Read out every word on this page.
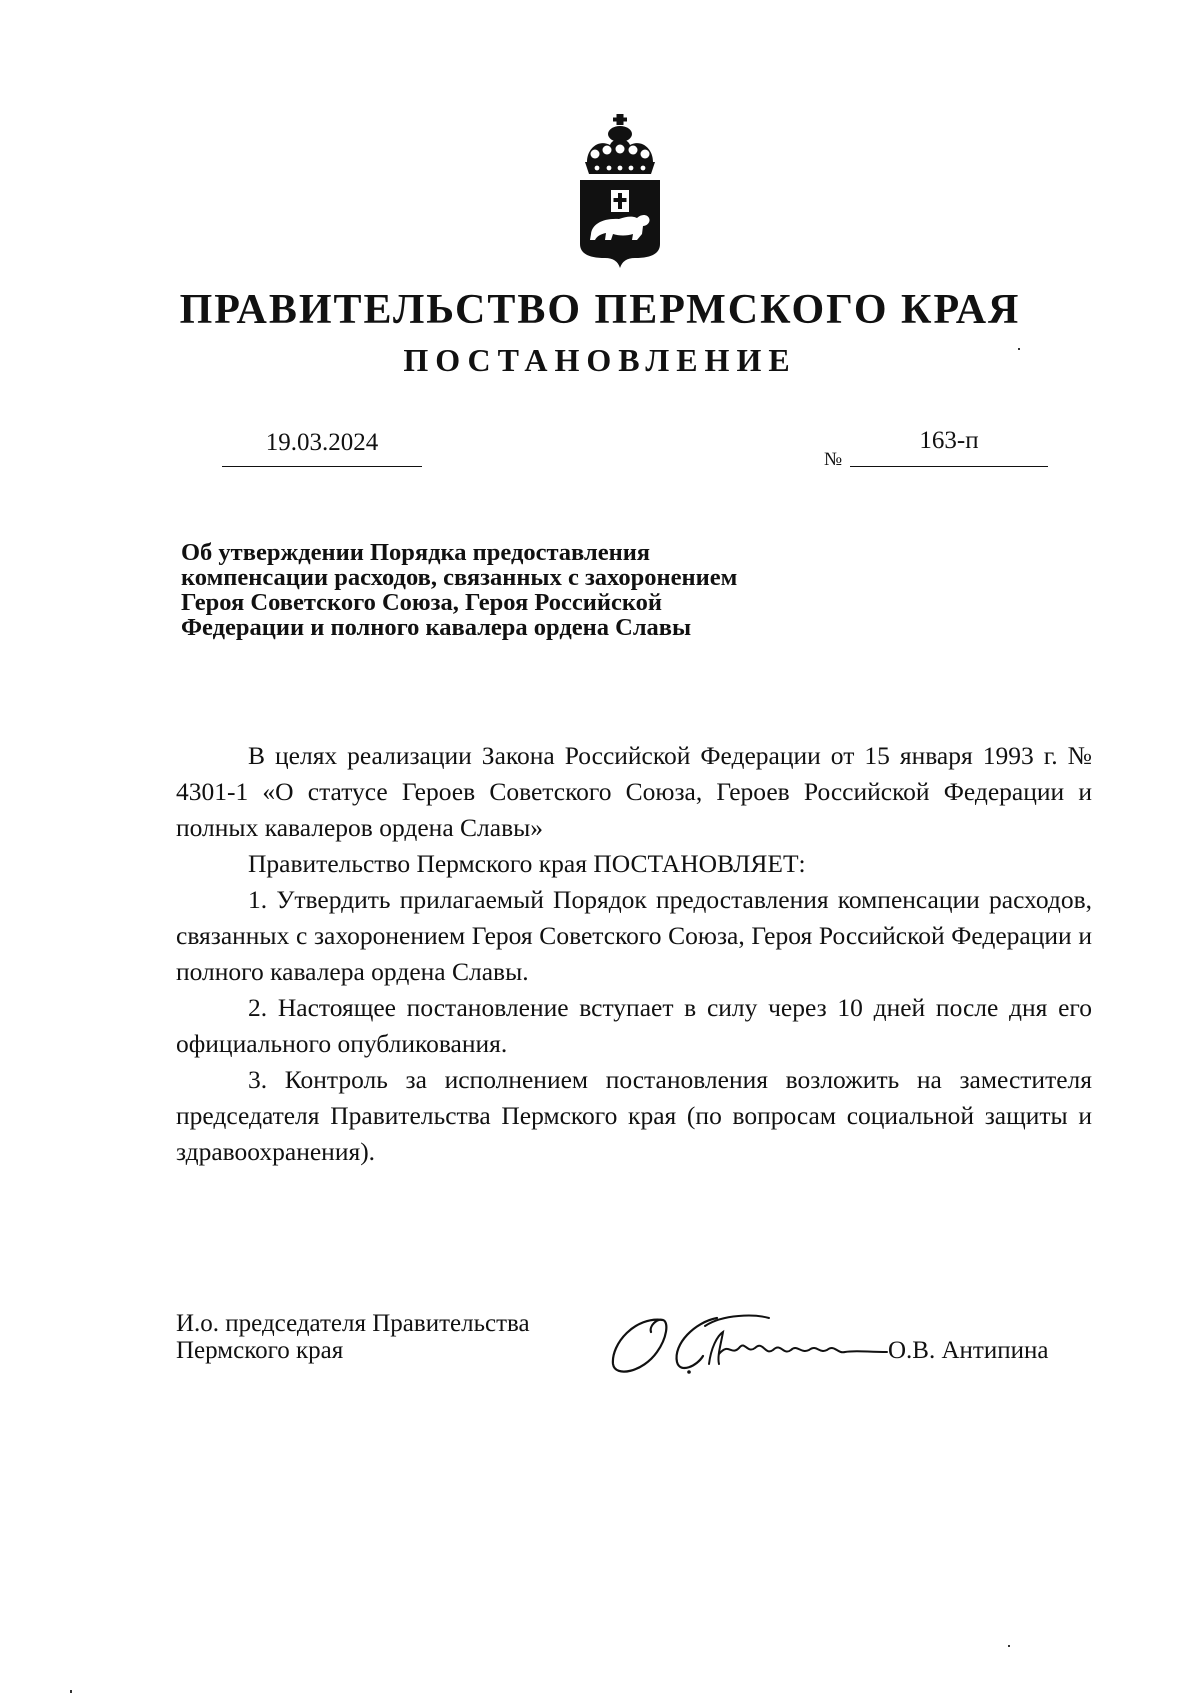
ПРАВИТЕЛЬСТВО ПЕРМСКОГО КРАЯ
ПОСТАНОВЛЕНИЕ
19.03.2024
№
163-п
Об утверждении Порядка предоставления
компенсации расходов, связанных с захоронением
Героя Советского Союза, Героя Российской
Федерации и полного кавалера ордена Славы

В целях реализации Закона Российской Федерации от 15 января 1993 г. № 4301-1 «О статусе Героев Советского Союза, Героев Российской Федерации и полных кавалеров ордена Славы»

Правительство Пермского края ПОСТАНОВЛЯЕТ:

1. Утвердить прилагаемый Порядок предоставления компенсации расходов, связанных с захоронением Героя Советского Союза, Героя Российской Федерации и полного кавалера ордена Славы.

2. Настоящее постановление вступает в силу через 10 дней после дня его официального опубликования.

3. Контроль за исполнением постановления возложить на заместителя председателя Правительства Пермского края (по вопросам социальной защиты и здравоохранения).

И.о. председателя Правительства
Пермского края
ОАнтипина
О.В. Антипина
